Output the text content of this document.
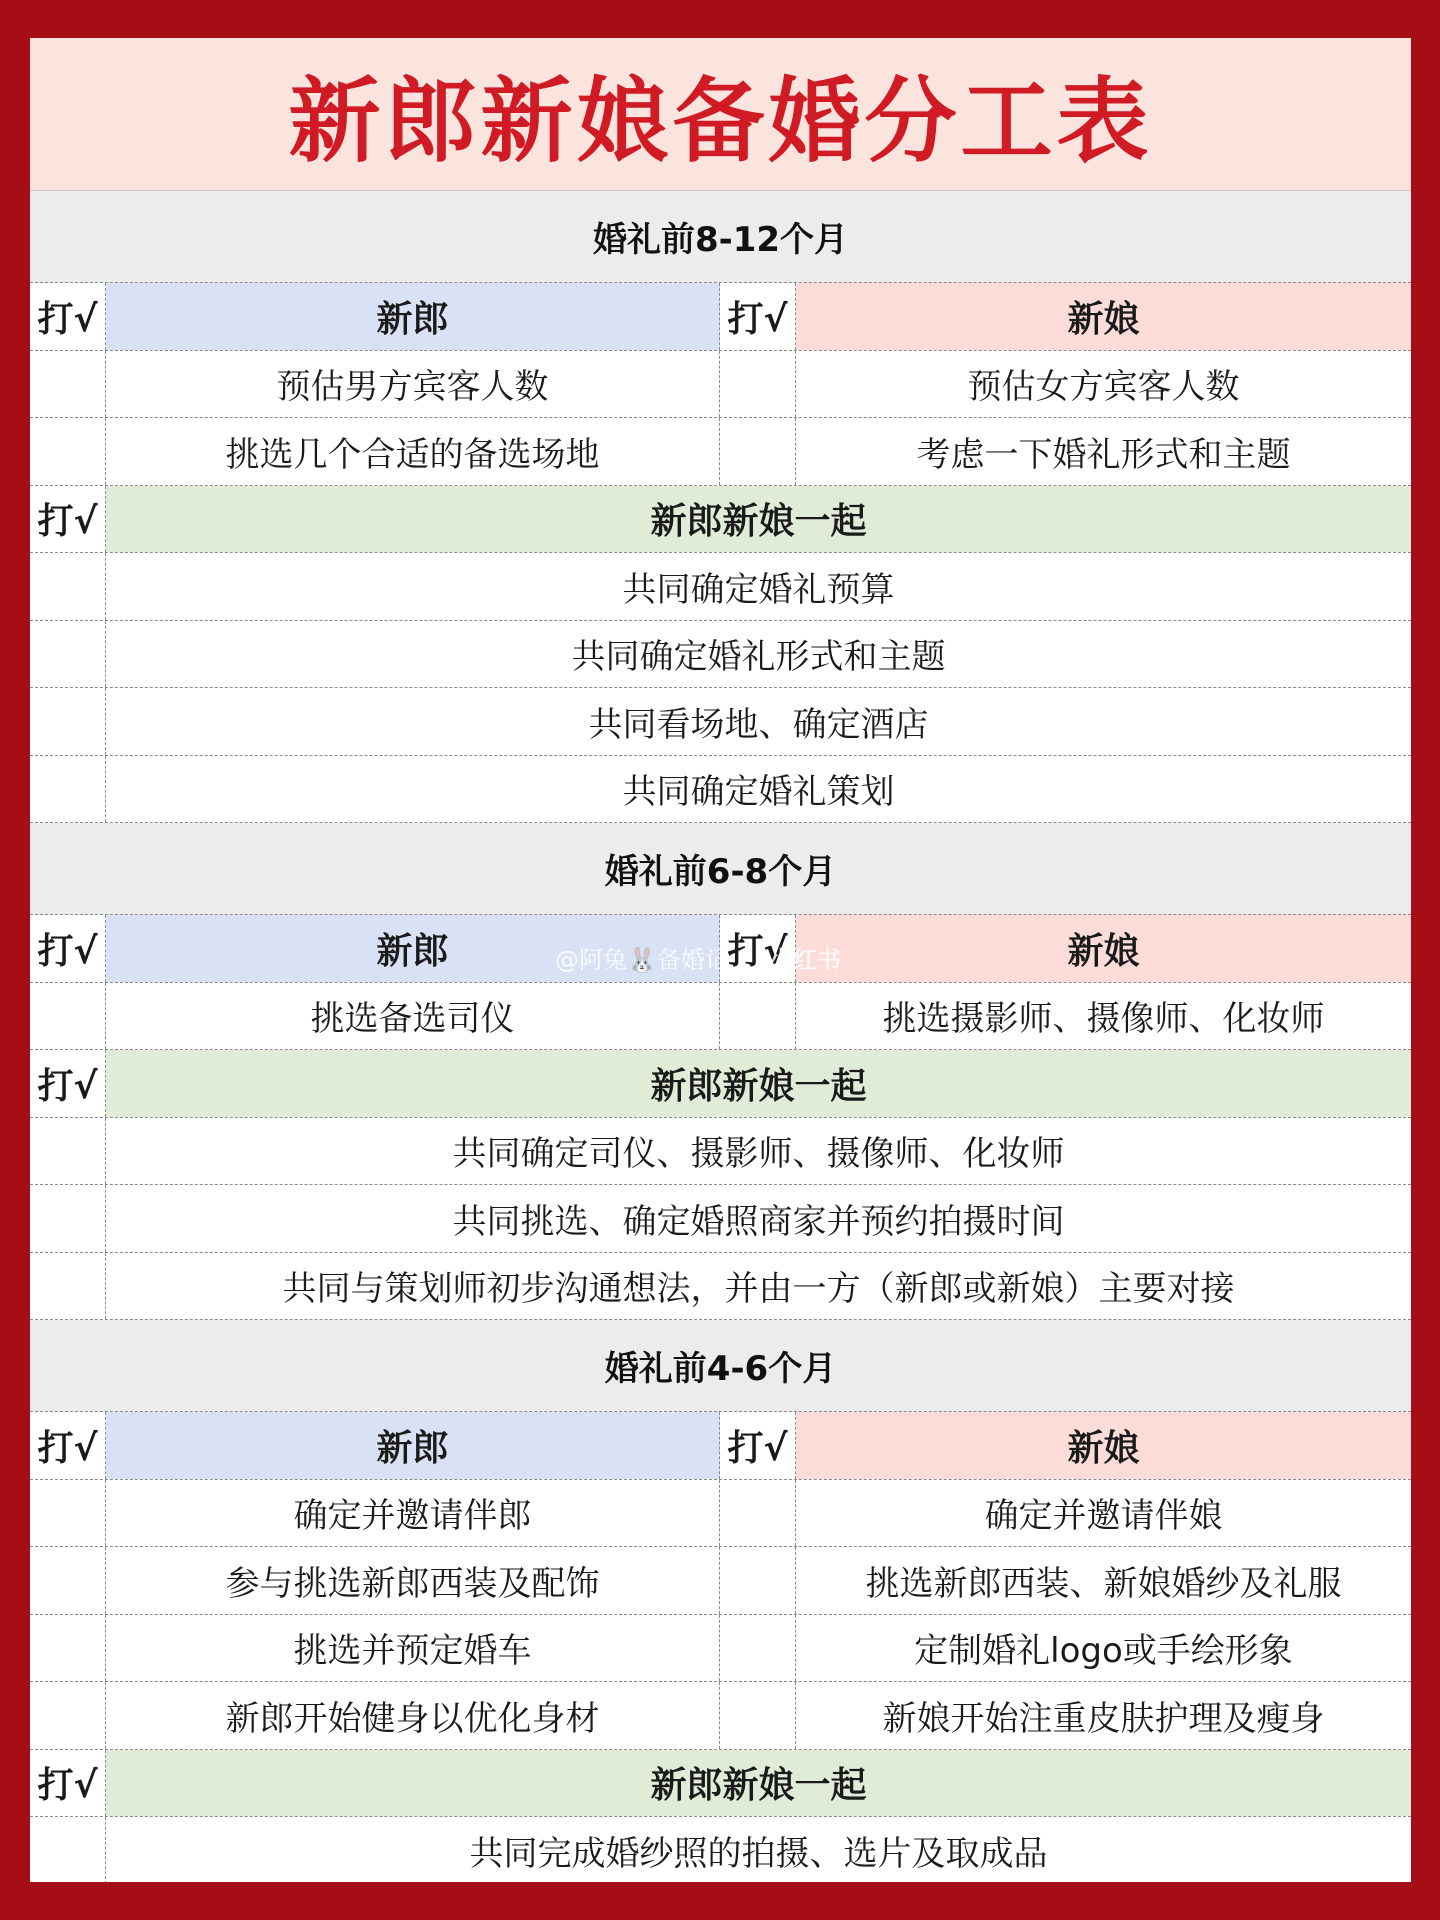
新郎新娘备婚分工表
婚礼前8-12个月
打√	新郎	打√	新娘
预估男方宾客人数	预估女方宾客人数
挑选几个合适的备选场地	考虑一下婚礼形式和主题
打√	新郎新娘一起
共同确定婚礼预算
共同确定婚礼形式和主题
共同看场地、确定酒店
共同确定婚礼策划
婚礼前6-8个月
打√	新郎	打√	新娘
挑选备选司仪	挑选摄影师、摄像师、化妆师
打√	新郎新娘一起
共同确定司仪、摄影师、摄像师、化妆师
共同挑选、确定婚照商家并预约拍摄时间
共同与策划师初步沟通想法，并由一方（新郎或新娘）主要对接
婚礼前4-6个月
打√	新郎	打√	新娘
确定并邀请伴郎	确定并邀请伴娘
参与挑选新郎西装及配饰	挑选新郎西装、新娘婚纱及礼服
挑选并预定婚车	定制婚礼logo或手绘形象
新郎开始健身以优化身材	新娘开始注重皮肤护理及瘦身
打√	新郎新娘一起
共同完成婚纱照的拍摄、选片及取成品
@阿兔🐰备婚记 小红书
